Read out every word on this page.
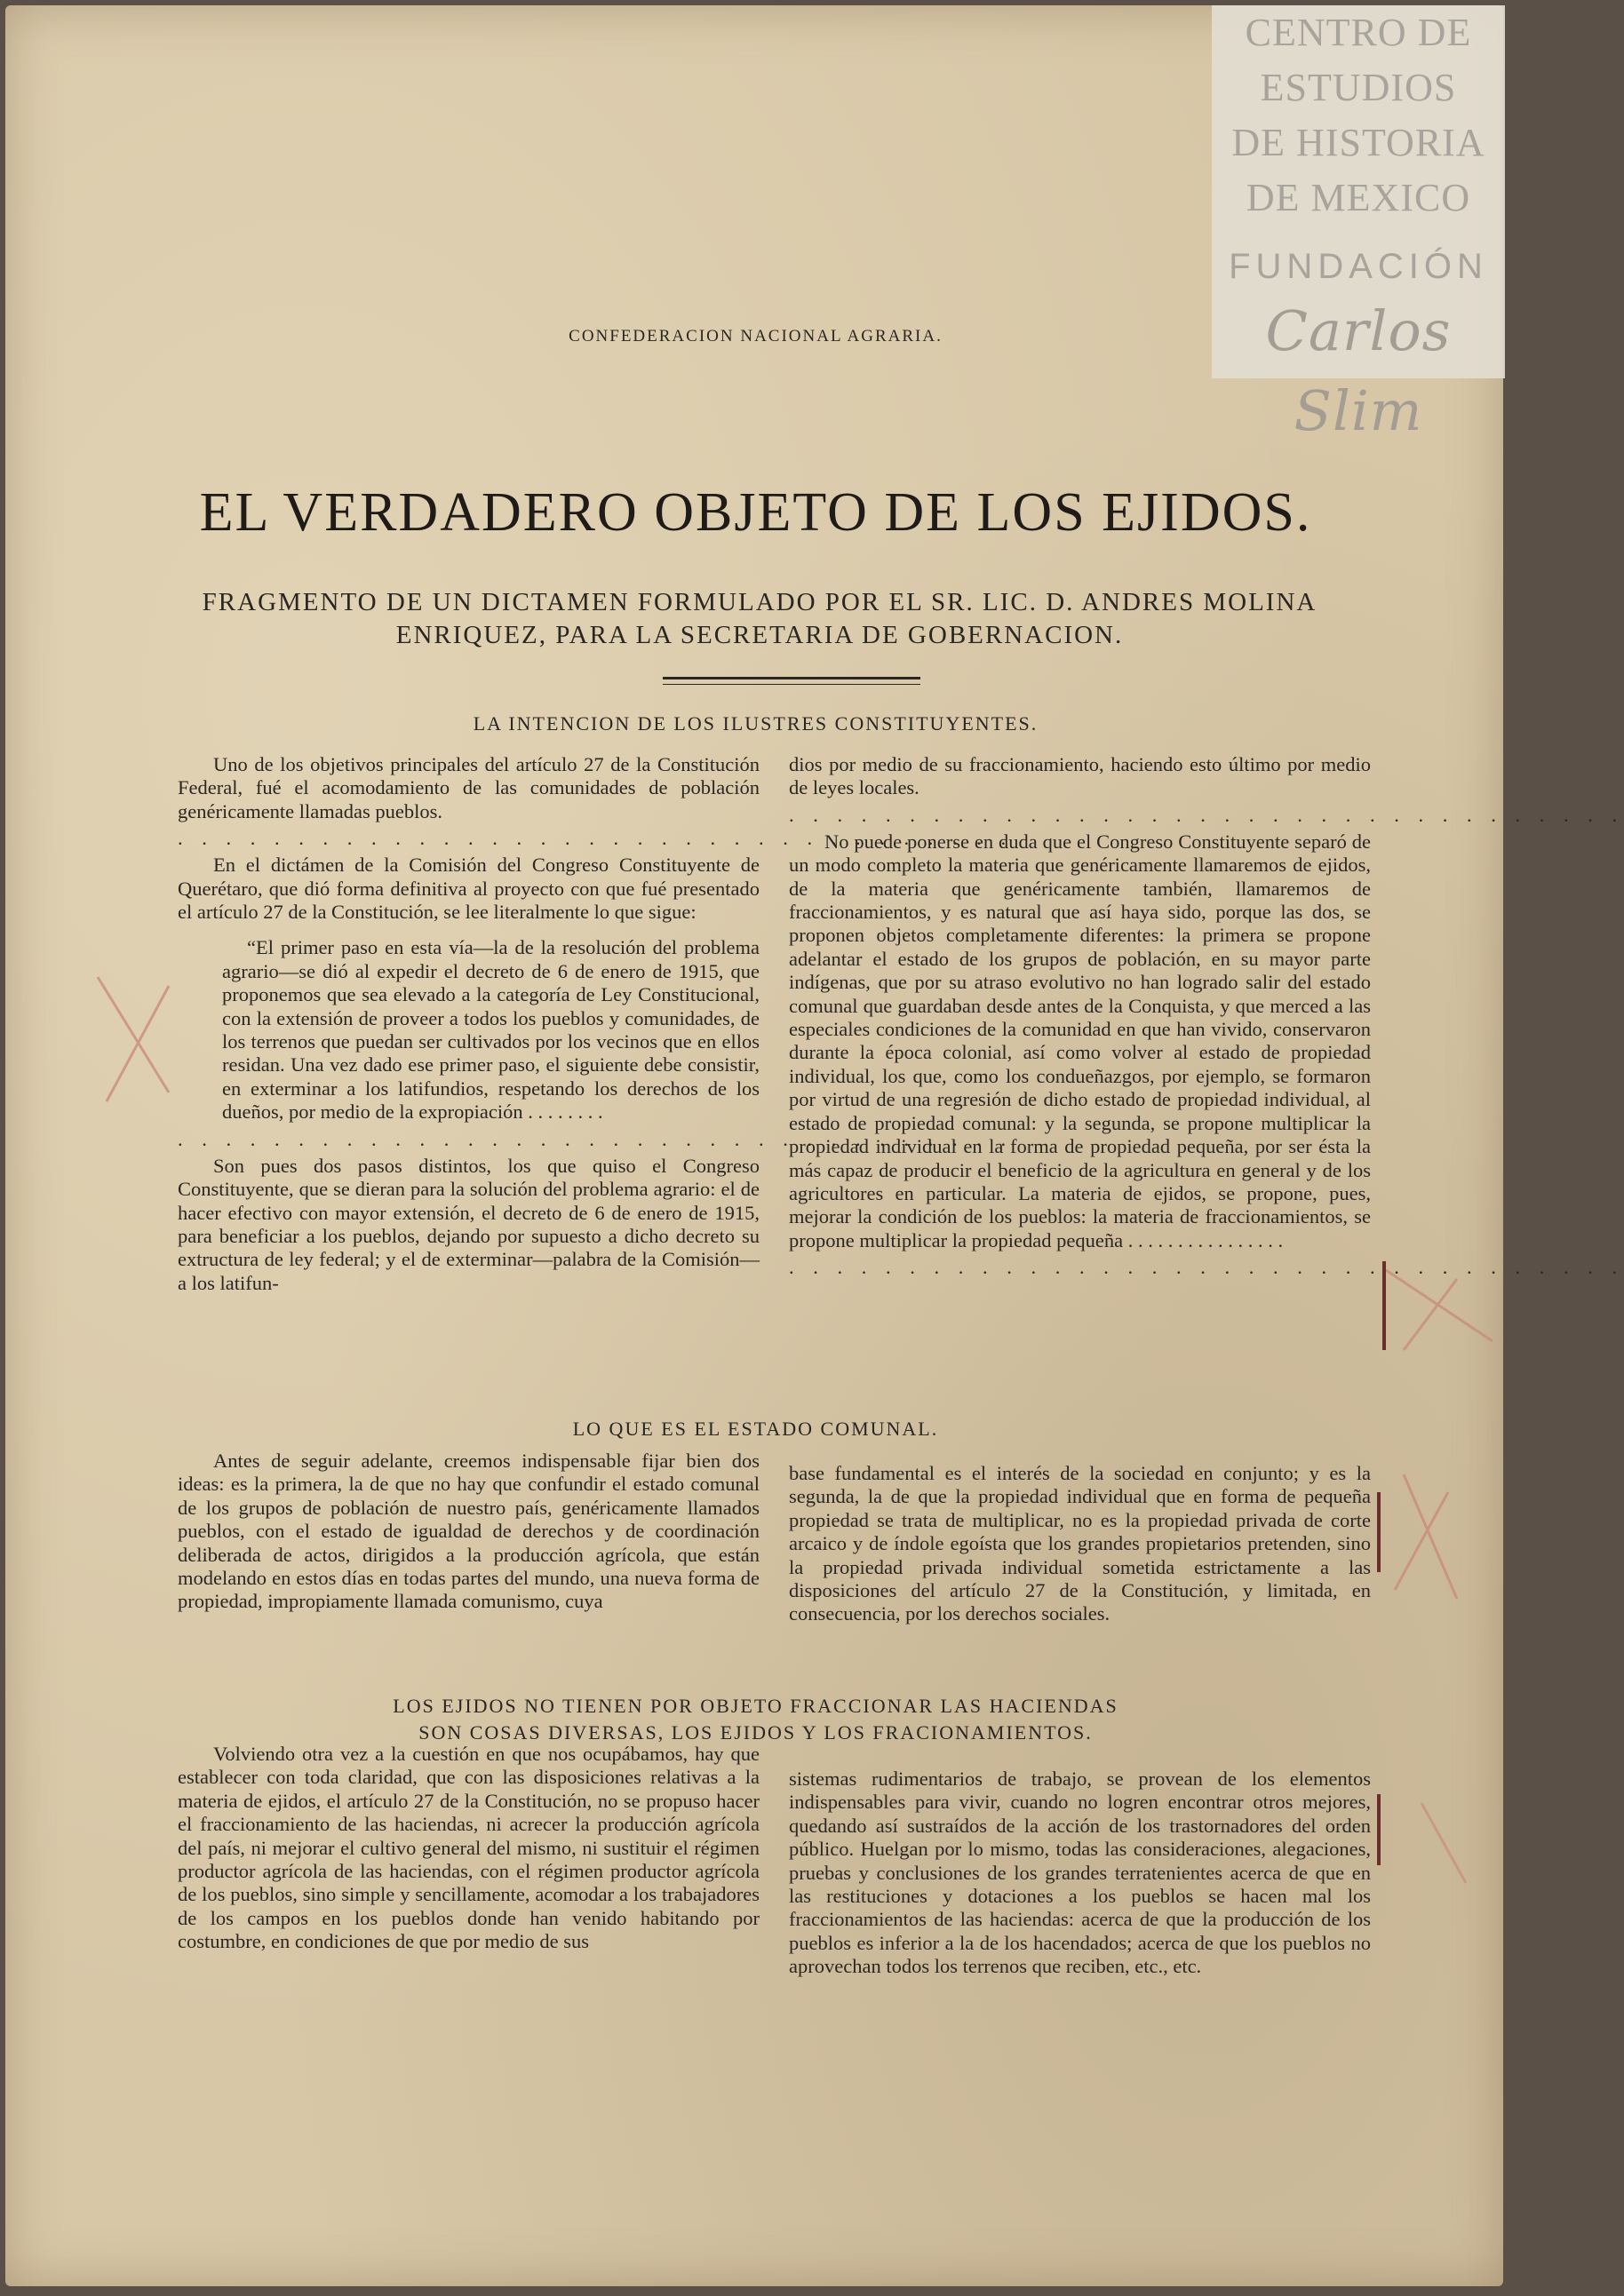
CENTRO DE
ESTUDIOS
DE HISTORIA
DE MEXICO
FUNDACIÓN
Carlos Slim
CONFEDERACION NACIONAL AGRARIA.
EL VERDADERO OBJETO DE LOS EJIDOS.
FRAGMENTO DE UN DICTAMEN FORMULADO POR EL SR. LIC. D. ANDRES MOLINA
ENRIQUEZ, PARA LA SECRETARIA DE GOBERNACION.
LA INTENCION DE LOS ILUSTRES CONSTITUYENTES.

Uno de los objetivos principales del artículo 27 de la Constitución Federal, fué el acomodamiento de las comunidades de población genéricamente llamadas pueblos.

. . . . . . . . . . . . . . . . . . . . . . . . . . . . . . . . . . .

En el dictámen de la Comisión del Congreso Constituyente de Querétaro, que dió forma definitiva al proyecto con que fué presentado el artículo 27 de la Constitución, se lee literalmente lo que sigue:

“El primer paso en esta vía—la de la resolución del problema agrario—se dió al expedir el decreto de 6 de enero de 1915, que proponemos que sea elevado a la categoría de Ley Constitucional, con la extensión de proveer a todos los pueblos y comunidades, de los terrenos que puedan ser cultivados por los vecinos que en ellos residan. Una vez dado ese primer paso, el siguiente debe consistir, en exterminar a los latifundios, respetando los derechos de los dueños, por medio de la expropiación . . . . . . . .

. . . . . . . . . . . . . . . . . . . . . . . . . . . . . . . . . . .

Son pues dos pasos distintos, los que quiso el Congreso Constituyente, que se dieran para la solución del problema agrario: el de hacer efectivo con mayor extensión, el decreto de 6 de enero de 1915, para beneficiar a los pueblos, dejando por supuesto a dicho decreto su extructura de ley federal; y el de exterminar—palabra de la Comisión—a los latifun-

dios por medio de su fraccionamiento, haciendo esto último por medio de leyes locales.

. . . . . . . . . . . . . . . . . . . . . . . . . . . . . . . . . . .

No puede ponerse en duda que el Congreso Constituyente separó de un modo completo la materia que genéricamente llamaremos de ejidos, de la materia que genéricamente también, llamaremos de fraccionamientos, y es natural que así haya sido, porque las dos, se proponen objetos completamente diferentes: la primera se propone adelantar el estado de los grupos de población, en su mayor parte indígenas, que por su atraso evolutivo no han logrado salir del estado comunal que guardaban desde antes de la Conquista, y que merced a las especiales condiciones de la comunidad en que han vivido, conservaron durante la época colonial, así como volver al estado de propiedad individual, los que, como los condueñazgos, por ejemplo, se formaron por virtud de una regresión de dicho estado de propiedad individual, al estado de propiedad comunal: y la segunda, se propone multiplicar la propiedad individual en la forma de propiedad pequeña, por ser ésta la más capaz de producir el beneficio de la agricultura en general y de los agricultores en particular. La materia de ejidos, se propone, pues, mejorar la condición de los pueblos: la materia de fraccionamientos, se propone multiplicar la propiedad pequeña . . . . . . . . . . . . . . . .

. . . . . . . . . . . . . . . . . . . . . . . . . . . . . . . . . . .
LO QUE ES EL ESTADO COMUNAL.

Antes de seguir adelante, creemos indispensable fijar bien dos ideas: es la primera, la de que no hay que confundir el estado comunal de los grupos de población de nuestro país, genéricamente llamados pueblos, con el estado de igualdad de derechos y de coordinación deliberada de actos, dirigidos a la producción agrícola, que están modelando en estos días en todas partes del mundo, una nueva forma de propiedad, impropiamente llamada comunismo, cuya

base fundamental es el interés de la sociedad en conjunto; y es la segunda, la de que la propiedad individual que en forma de pequeña propiedad se trata de multiplicar, no es la propiedad privada de corte arcaico y de índole egoísta que los grandes propietarios pretenden, sino la propiedad privada individual sometida estrictamente a las disposiciones del artículo 27 de la Constitución, y limitada, en consecuencia, por los derechos sociales.

LOS EJIDOS NO TIENEN POR OBJETO FRACCIONAR LAS HACIENDAS
SON COSAS DIVERSAS, LOS EJIDOS Y LOS FRACIONAMIENTOS.

Volviendo otra vez a la cuestión en que nos ocupábamos, hay que establecer con toda claridad, que con las disposiciones relativas a la materia de ejidos, el artículo 27 de la Constitución, no se propuso hacer el fraccionamiento de las haciendas, ni acrecer la producción agrícola del país, ni mejorar el cultivo general del mismo, ni sustituir el régimen productor agrícola de las haciendas, con el régimen productor agrícola de los pueblos, sino simple y sencillamente, acomodar a los trabajadores de los campos en los pueblos donde han venido habitando por costumbre, en condiciones de que por medio de sus

sistemas rudimentarios de trabajo, se provean de los elementos indispensables para vivir, cuando no logren encontrar otros mejores, quedando así sustraídos de la acción de los trastornadores del orden público. Huelgan por lo mismo, todas las consideraciones, alegaciones, pruebas y conclusiones de los grandes terratenientes acerca de que en las restituciones y dotaciones a los pueblos se hacen mal los fraccionamientos de las haciendas: acerca de que la producción de los pueblos es inferior a la de los hacendados; acerca de que los pueblos no aprovechan todos los terrenos que reciben, etc., etc.
